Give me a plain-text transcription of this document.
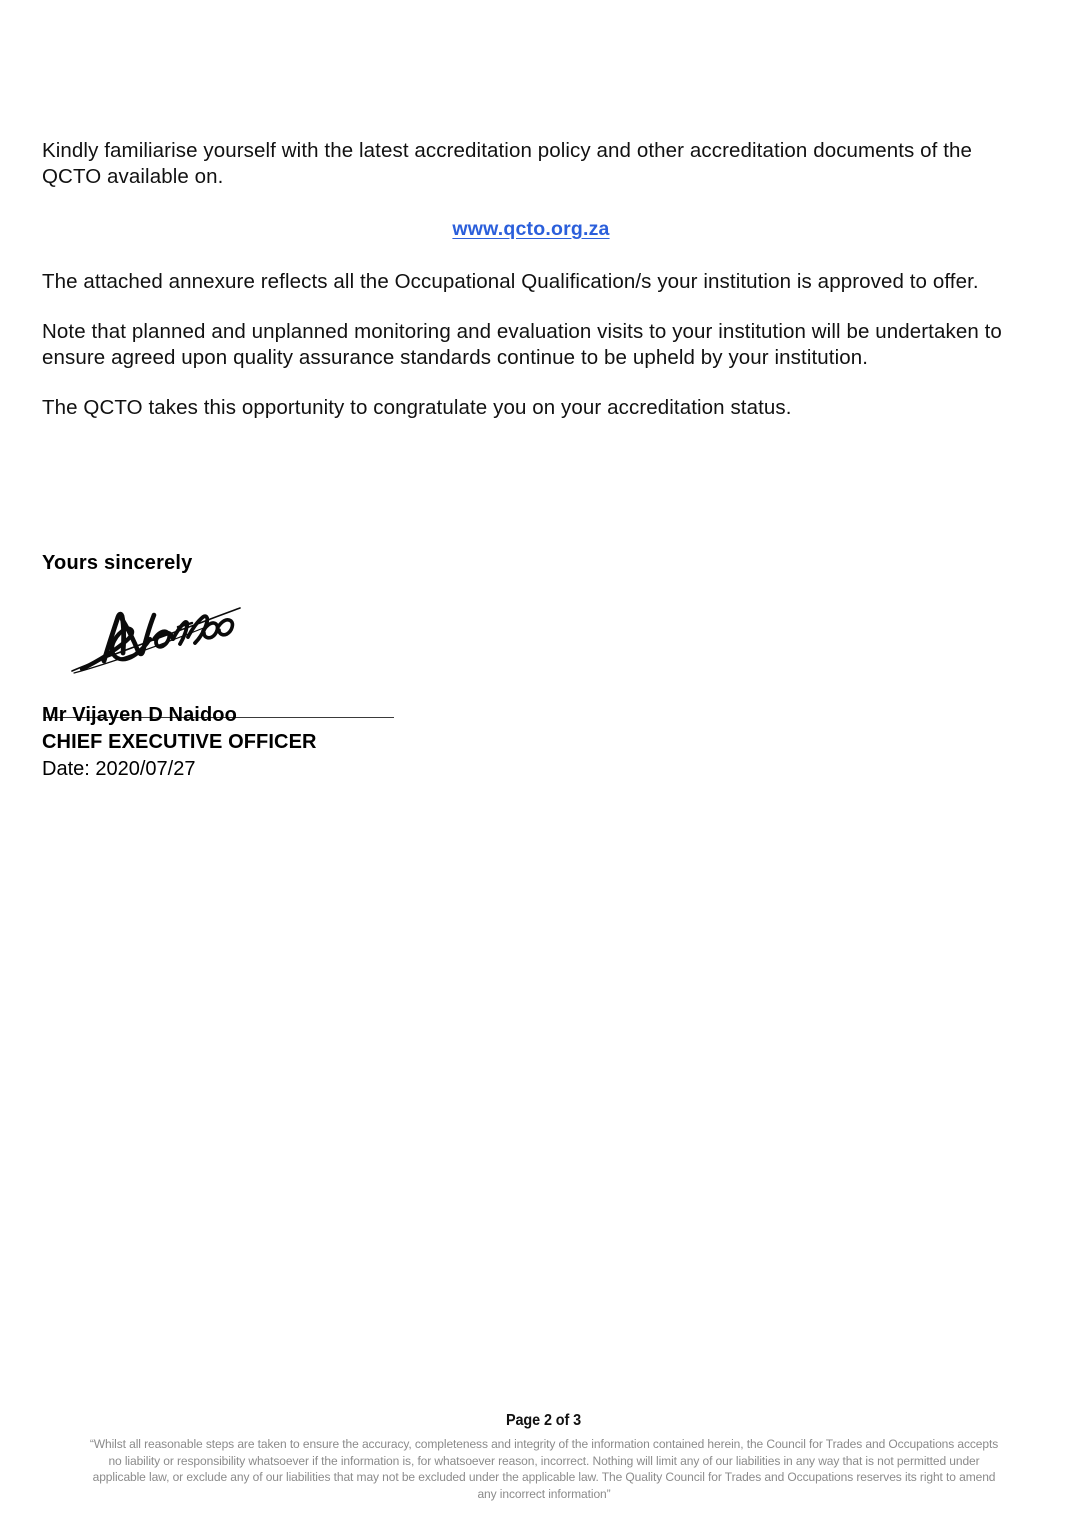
Kindly familiarise yourself with the latest accreditation policy and other accreditation documents of the QCTO available on.

www.qcto.org.za

The attached annexure reflects all the Occupational Qualification/s your institution is approved to offer.

Note that planned and unplanned monitoring and evaluation visits to your institution will be undertaken to ensure agreed upon quality assurance standards continue to be upheld by your institution.

The QCTO takes this opportunity to congratulate you on your accreditation status.

Yours sincerely

Mr Vijayen D Naidoo

CHIEF EXECUTIVE OFFICER

Date: 2020/07/27

Page 2 of 3

“Whilst all reasonable steps are taken to ensure the accuracy, completeness and integrity of the information contained herein, the Council for Trades and Occupations accepts no liability or responsibility whatsoever if the information is, for whatsoever reason, incorrect. Nothing will limit any of our liabilities in any way that is not permitted under applicable law, or exclude any of our liabilities that may not be excluded under the applicable law. The Quality Council for Trades and Occupations reserves its right to amend any incorrect information”
